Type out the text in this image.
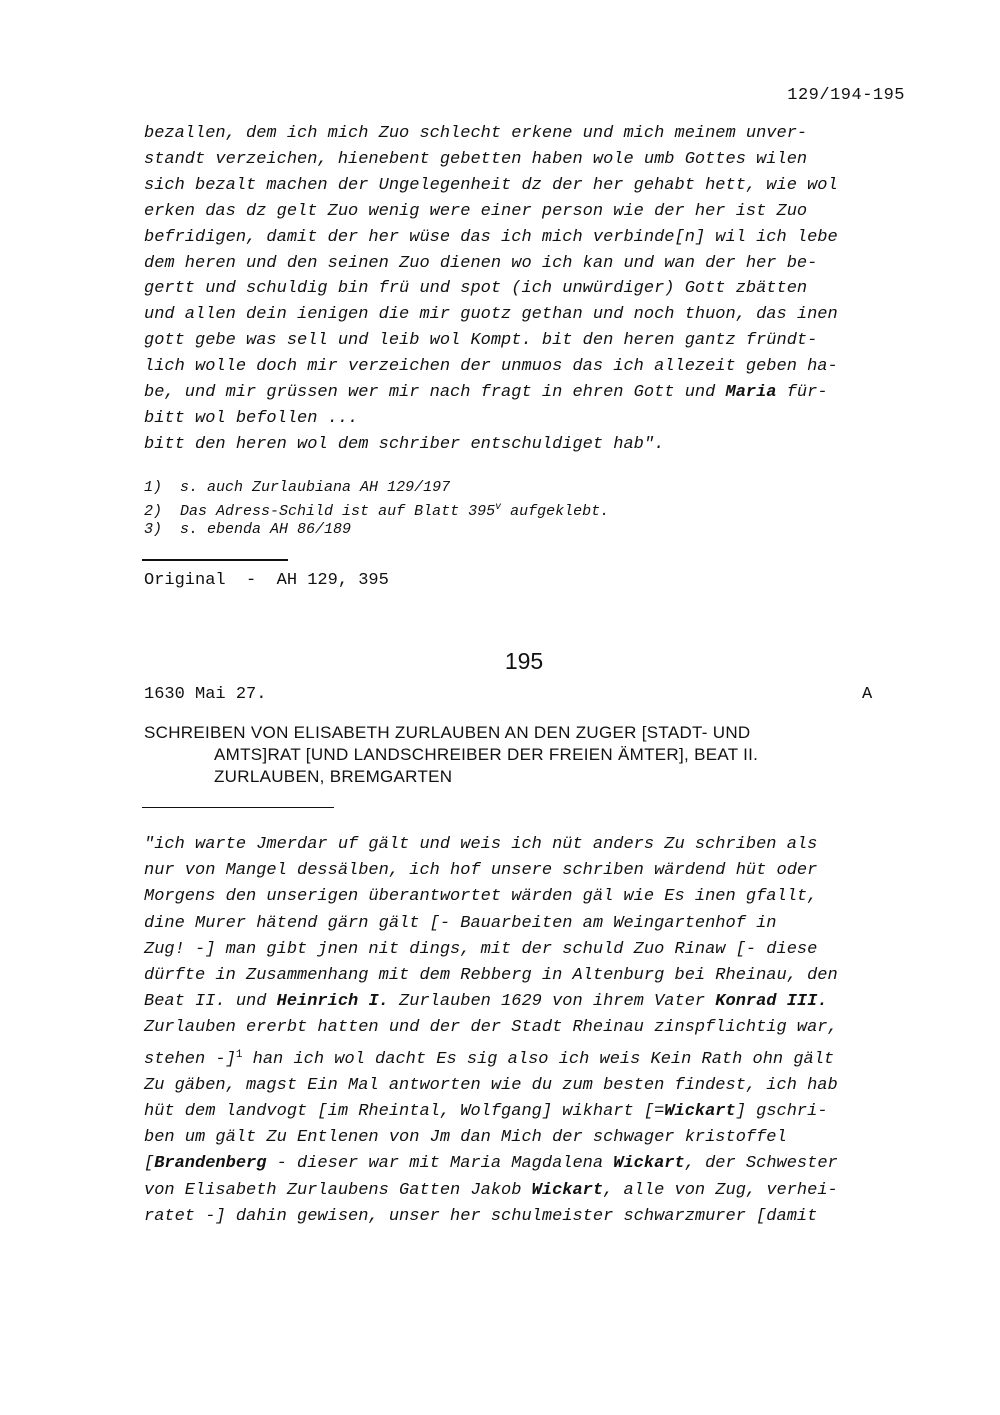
129/194-195
bezallen, dem ich mich Zuo schlecht erkene und mich meinem unver-
standt verzeichen, hienebent gebetten haben wole umb Gottes wilen
sich bezalt machen der Ungelegenheit dz der her gehabt hett, wie wol
erken das dz gelt Zuo wenig were einer person wie der her ist Zuo
befridigen, damit der her wüse das ich mich verbinde[n] wil ich lebe
dem heren und den seinen Zuo dienen wo ich kan und wan der her be-
gertt und schuldig bin frü und spot (ich unwürdiger) Gott zbätten
und allen dein ienigen die mir guotz gethan und noch thuon, das inen
gott gebe was sell und leib wol Kompt. bit den heren gantz fründt-
lich wolle doch mir verzeichen der unmuos das ich allezeit geben ha-
be, und mir grüssen wer mir nach fragt in ehren Gott und Maria für-
bitt wol befollen ...
bitt den heren wol dem schriber entschuldiget hab".
1) s. auch Zurlaubiana AH 129/197
2) Das Adress-Schild ist auf Blatt 395$^v$ aufgeklebt.
3) s. ebenda AH 86/189
Original  -  AH 129, 395
195
1630 Mai 27.	A
SCHREIBEN VON ELISABETH ZURLAUBEN AN DEN ZUGER [STADT- UND
AMTS]RAT [UND LANDSCHREIBER DER FREIEN ÄMTER], BEAT II.
ZURLAUBEN, BREMGARTEN
"ich warte Jmerdar uf gält und weis ich nüt anders Zu schriben als
nur von Mangel dessälben, ich hof unsere schriben wärdend hüt oder
Morgens den unserigen überantwortet wärden gäl wie Es inen gfallt,
dine Murer hätend gärn gält [- Bauarbeiten am Weingartenhof in
Zug! -] man gibt jnen nit dings, mit der schuld Zuo Rinaw [- diese
dürfte in Zusammenhang mit dem Rebberg in Altenburg bei Rheinau, den
Beat II. und Heinrich I. Zurlauben 1629 von ihrem Vater Konrad III.
Zurlauben ererbt hatten und der der Stadt Rheinau zinspflichtig war,
stehen -]$^1$ han ich wol dacht Es sig also ich weis Kein Rath ohn gält
Zu gäben, magst Ein Mal antworten wie du zum besten findest, ich hab
hüt dem landvogt [im Rheintal, Wolfgang] wikhart [=Wickart] gschri-
ben um gält Zu Entlenen von Jm dan Mich der schwager kristoffel
[Brandenberg - dieser war mit Maria Magdalena Wickart, der Schwester
von Elisabeth Zurlaubens Gatten Jakob Wickart, alle von Zug, verhei-
ratet -] dahin gewisen, unser her schulmeister schwarzmurer [damit
